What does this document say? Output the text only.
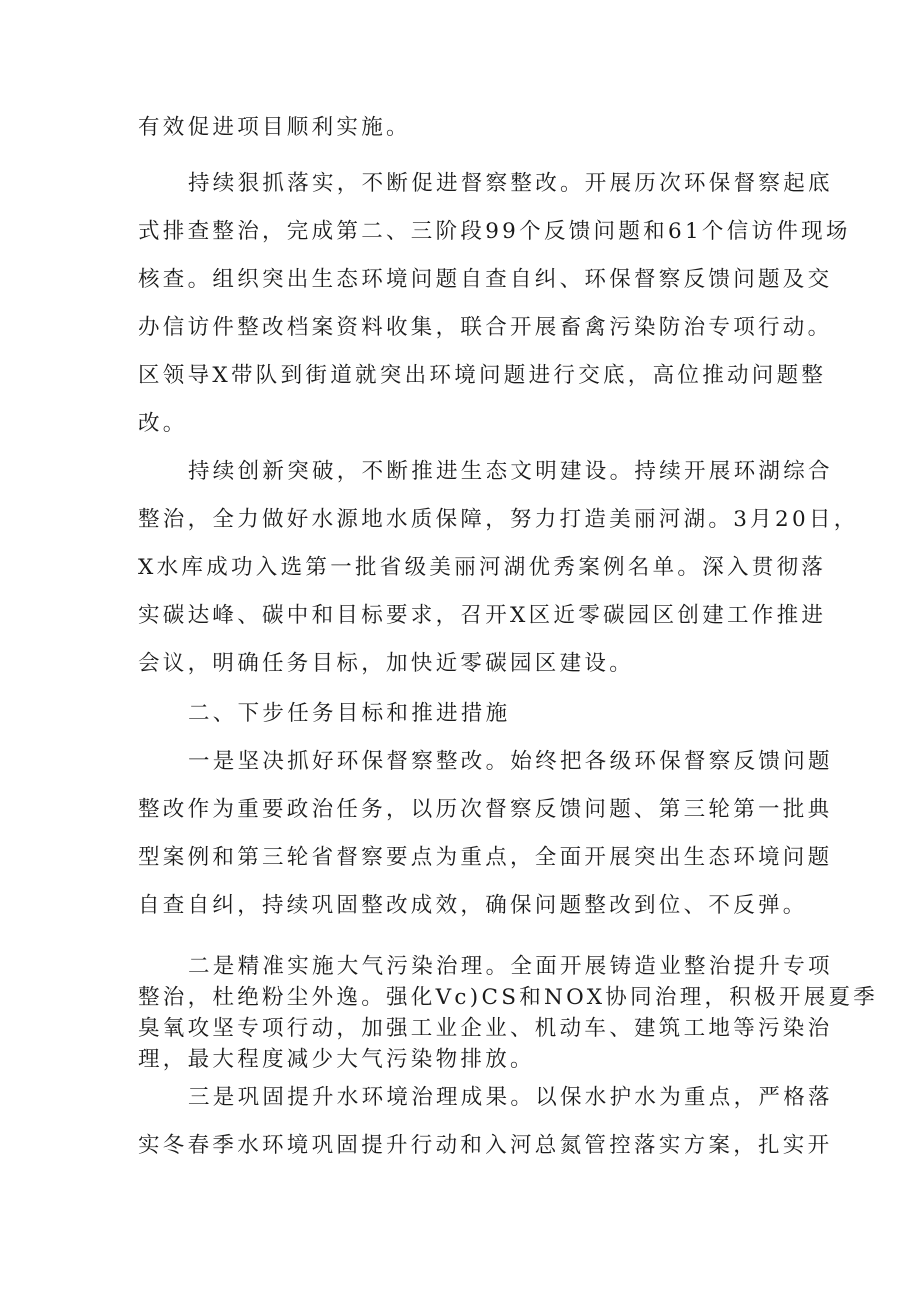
有效促进项目顺利实施。
持续狠抓落实，不断促进督察整改。开展历次环保督察起底
式排查整治，完成第二、三阶段99个反馈问题和61个信访件现场
核查。组织突出生态环境问题自查自纠、环保督察反馈问题及交
办信访件整改档案资料收集，联合开展畜禽污染防治专项行动。
区领导X带队到街道就突出环境问题进行交底，高位推动问题整
改。
持续创新突破，不断推进生态文明建设。持续开展环湖综合
整治，全力做好水源地水质保障，努力打造美丽河湖。3月20日，
X水库成功入选第一批省级美丽河湖优秀案例名单。深入贯彻落
实碳达峰、碳中和目标要求，召开X区近零碳园区创建工作推进
会议，明确任务目标，加快近零碳园区建设。
二、下步任务目标和推进措施
一是坚决抓好环保督察整改。始终把各级环保督察反馈问题
整改作为重要政治任务，以历次督察反馈问题、第三轮第一批典
型案例和第三轮省督察要点为重点，全面开展突出生态环境问题
自查自纠，持续巩固整改成效，确保问题整改到位、不反弹。
二是精准实施大气污染治理。全面开展铸造业整治提升专项
整治，杜绝粉尘外逸。强化Vc)CS和NOX协同治理，积极开展夏季
臭氧攻坚专项行动，加强工业企业、机动车、建筑工地等污染治
理，最大程度减少大气污染物排放。
三是巩固提升水环境治理成果。以保水护水为重点，严格落
实冬春季水环境巩固提升行动和入河总氮管控落实方案，扎实开
